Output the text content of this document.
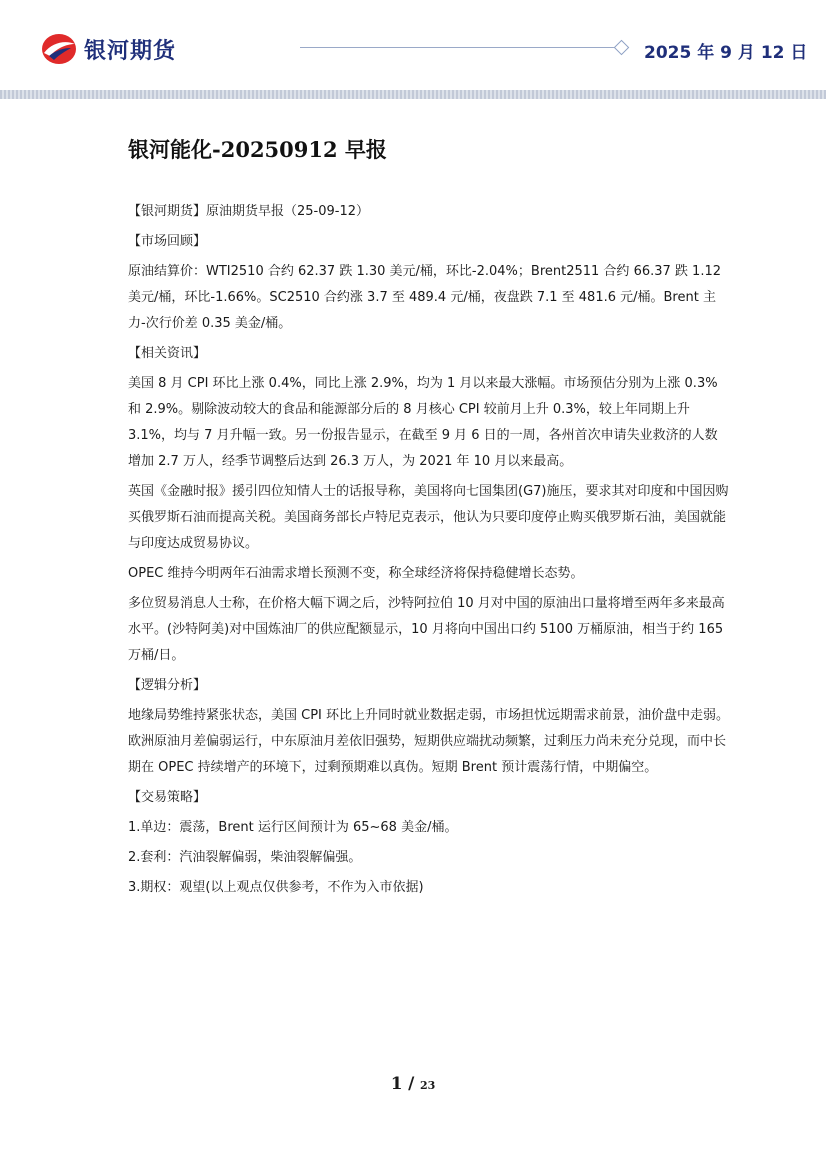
银河期货	2025 年 9 月 12 日
银河能化-20250912 早报

【银河期货】原油期货早报（25-09-12）

【市场回顾】

原油结算价：WTI2510 合约 62.37 跌 1.30 美元/桶，环比-2.04%；Brent2511 合约 66.37 跌 1.12 美元/桶，环比-1.66%。SC2510 合约涨 3.7 至 489.4 元/桶，夜盘跌 7.1 至 481.6 元/桶。Brent 主力-次行价差 0.35 美金/桶。

【相关资讯】

美国 8 月 CPI 环比上涨 0.4%，同比上涨 2.9%，均为 1 月以来最大涨幅。市场预估分别为上涨 0.3%和 2.9%。剔除波动较大的食品和能源部分后的 8 月核心 CPI 较前月上升 0.3%，较上年同期上升 3.1%，均与 7 月升幅一致。另一份报告显示，在截至 9 月 6 日的一周，各州首次申请失业救济的人数增加 2.7 万人，经季节调整后达到 26.3 万人，为 2021 年 10 月以来最高。

英国《金融时报》援引四位知情人士的话报导称，美国将向七国集团(G7)施压，要求其对印度和中国因购买俄罗斯石油而提高关税。美国商务部长卢特尼克表示，他认为只要印度停止购买俄罗斯石油，美国就能与印度达成贸易协议。

OPEC 维持今明两年石油需求增长预测不变，称全球经济将保持稳健增长态势。

多位贸易消息人士称，在价格大幅下调之后，沙特阿拉伯 10 月对中国的原油出口量将增至两年多来最高水平。(沙特阿美)对中国炼油厂的供应配额显示，10 月将向中国出口约 5100 万桶原油，相当于约 165 万桶/日。

【逻辑分析】

地缘局势维持紧张状态，美国 CPI 环比上升同时就业数据走弱，市场担忧远期需求前景，油价盘中走弱。欧洲原油月差偏弱运行，中东原油月差依旧强势，短期供应端扰动频繁，过剩压力尚未充分兑现，而中长期在 OPEC 持续增产的环境下，过剩预期难以真伪。短期 Brent 预计震荡行情，中期偏空。

【交易策略】

1.单边：震荡，Brent 运行区间预计为 65~68 美金/桶。

2.套利：汽油裂解偏弱，柴油裂解偏强。

3.期权：观望(以上观点仅供参考，不作为入市依据)

1 / 23
